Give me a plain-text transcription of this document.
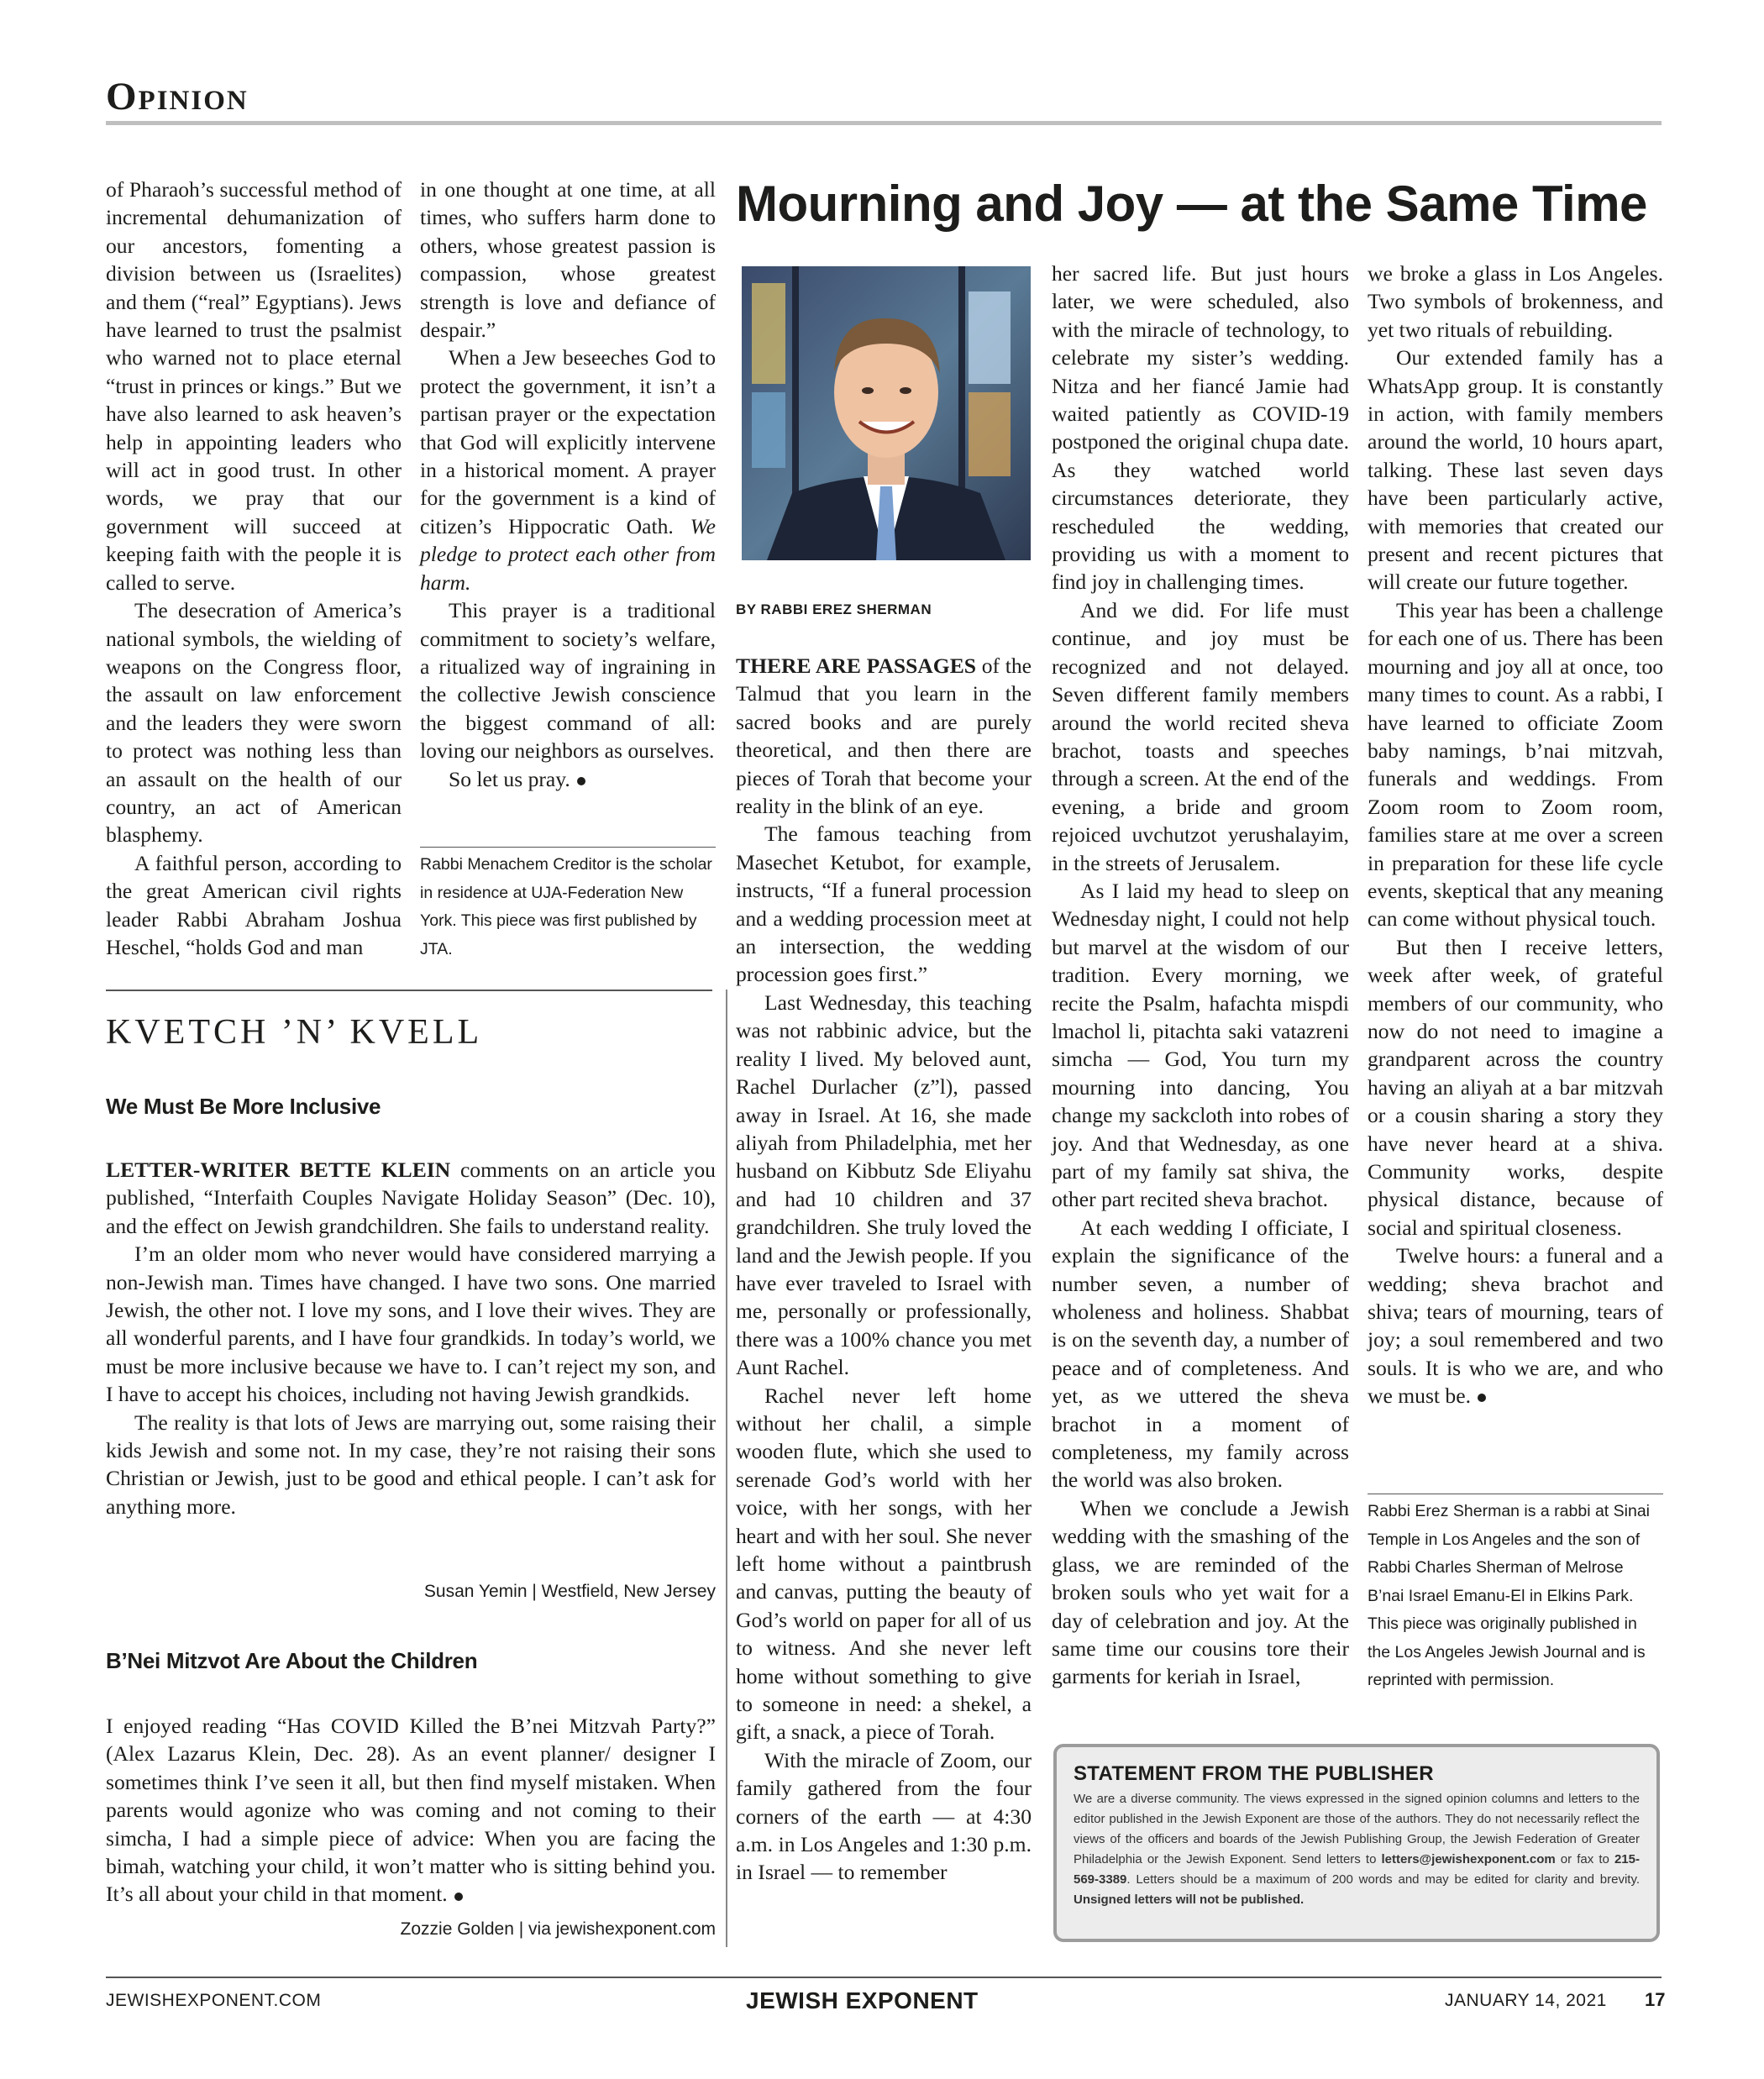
Opinion

of Pharaoh’s successful method of incremental dehumanization of our ancestors, fomenting a division between us (Israelites) and them (“real” Egyptians). Jews have learned to trust the psalmist who warned not to place eternal “trust in princes or kings.” But we have also learned to ask heaven’s help in appointing leaders who will act in good trust. In other words, we pray that our government will succeed at keeping faith with the people it is called to serve.

The desecration of America’s national symbols, the wielding of weapons on the Congress floor, the assault on law enforcement and the leaders they were sworn to protect was nothing less than an assault on the health of our country, an act of American blasphemy.

A faithful person, according to the great American civil rights leader Rabbi Abraham Joshua Heschel, “holds God and man

in one thought at one time, at all times, who suffers harm done to others, whose greatest passion is compassion, whose greatest strength is love and defiance of despair.”

When a Jew beseeches God to protect the government, it isn’t a partisan prayer or the expectation that God will explicitly intervene in a historical moment. A prayer for the government is a kind of citizen’s Hippocratic Oath. We pledge to protect each other from harm.

This prayer is a traditional commitment to society’s welfare, a ritualized way of ingraining in the collective Jewish conscience the biggest command of all: loving our neighbors as ourselves.

So let us pray.

Rabbi Menachem Creditor is the scholar in residence at UJA-Federation New York. This piece was first published by JTA.
KVETCH ’N’ KVELL
We Must Be More Inclusive

LETTER-WRITER BETTE KLEIN comments on an article you published, “Interfaith Couples Navigate Holiday Season” (Dec. 10), and the effect on Jewish grandchildren. She fails to understand reality.

I’m an older mom who never would have considered marrying a non-Jewish man. Times have changed. I have two sons. One married Jewish, the other not. I love my sons, and I love their wives. They are all wonderful parents, and I have four grandkids. In today’s world, we must be more inclusive because we have to. I can’t reject my son, and I have to accept his choices, including not having Jewish grandkids.

The reality is that lots of Jews are marrying out, some raising their kids Jewish and some not. In my case, they’re not raising their sons Christian or Jewish, just to be good and ethical people. I can’t ask for anything more.

Susan Yemin | Westfield, New Jersey
B’Nei Mitzvot Are About the Children

I enjoyed reading “Has COVID Killed the B’nei Mitzvah Party?” (Alex Lazarus Klein, Dec. 28). As an event planner/ designer I sometimes think I’ve seen it all, but then find myself mistaken. When parents would agonize who was coming and not coming to their simcha, I had a simple piece of advice: When you are facing the bimah, watching your child, it won’t matter who is sitting behind you. It’s all about your child in that moment.

Zozzie Golden | via jewishexponent.com
Mourning and Joy — at the Same Time
BY RABBI EREZ SHERMAN

THERE ARE PASSAGES of the Talmud that you learn in the sacred books and are purely theoretical, and then there are pieces of Torah that become your reality in the blink of an eye.

The famous teaching from Masechet Ketubot, for example, instructs, “If a funeral procession and a wedding procession meet at an intersection, the wedding procession goes first.”

Last Wednesday, this teaching was not rabbinic advice, but the reality I lived. My beloved aunt, Rachel Durlacher (z”l), passed away in Israel. At 16, she made aliyah from Philadelphia, met her husband on Kibbutz Sde Eliyahu and had 10 children and 37 grandchildren. She truly loved the land and the Jewish people. If you have ever traveled to Israel with me, personally or professionally, there was a 100% chance you met Aunt Rachel.

Rachel never left home without her chalil, a simple wooden flute, which she used to serenade God’s world with her voice, with her songs, with her heart and with her soul. She never left home without a paintbrush and canvas, putting the beauty of God’s world on paper for all of us to witness. And she never left home without something to give to someone in need: a shekel, a gift, a snack, a piece of Torah.

With the miracle of Zoom, our family gathered from the four corners of the earth — at 4:30 a.m. in Los Angeles and 1:30 p.m. in Israel — to remember

her sacred life. But just hours later, we were scheduled, also with the miracle of technology, to celebrate my sister’s wedding. Nitza and her fiancé Jamie had waited patiently as COVID-19 postponed the original chupa date. As they watched world circumstances deteriorate, they rescheduled the wedding, providing us with a moment to find joy in challenging times.

And we did. For life must continue, and joy must be recognized and not delayed. Seven different family members around the world recited sheva brachot, toasts and speeches through a screen. At the end of the evening, a bride and groom rejoiced uvchutzot yerushalayim, in the streets of Jerusalem.

As I laid my head to sleep on Wednesday night, I could not help but marvel at the wisdom of our tradition. Every morning, we recite the Psalm, hafachta mispdi lmachol li, pitachta saki vatazreni simcha — God, You turn my mourning into dancing, You change my sackcloth into robes of joy. And that Wednesday, as one part of my family sat shiva, the other part recited sheva brachot.

At each wedding I officiate, I explain the significance of the number seven, a number of wholeness and holiness. Shabbat is on the seventh day, a number of peace and of completeness. And yet, as we uttered the sheva brachot in a moment of completeness, my family across the world was also broken.

When we conclude a Jewish wedding with the smashing of the glass, we are reminded of the broken souls who yet wait for a day of celebration and joy. At the same time our cousins tore their garments for keriah in Israel,

we broke a glass in Los Angeles. Two symbols of brokenness, and yet two rituals of rebuilding.

Our extended family has a WhatsApp group. It is constantly in action, with family members around the world, 10 hours apart, talking. These last seven days have been particularly active, with memories that created our present and recent pictures that will create our future together.

This year has been a challenge for each one of us. There has been mourning and joy all at once, too many times to count. As a rabbi, I have learned to officiate Zoom baby namings, b’nai mitzvah, funerals and weddings. From Zoom room to Zoom room, families stare at me over a screen in preparation for these life cycle events, skeptical that any meaning can come without physical touch.

But then I receive letters, week after week, of grateful members of our community, who now do not need to imagine a grandparent across the country having an aliyah at a bar mitzvah or a cousin sharing a story they have never heard at a shiva. Community works, despite physical distance, because of social and spiritual closeness.

Twelve hours: a funeral and a wedding; sheva brachot and shiva; tears of mourning, tears of joy; a soul remembered and two souls. It is who we are, and who we must be.

Rabbi Erez Sherman is a rabbi at Sinai Temple in Los Angeles and the son of Rabbi Charles Sherman of Melrose B’nai Israel Emanu-El in Elkins Park. This piece was originally published in the Los Angeles Jewish Journal and is reprinted with permission.
STATEMENT FROM THE PUBLISHER
We are a diverse community. The views expressed in the signed opinion columns and letters to the editor published in the Jewish Exponent are those of the authors. They do not necessarily reflect the views of the officers and boards of the Jewish Publishing Group, the Jewish Federation of Greater Philadelphia or the Jewish Exponent. Send letters to letters@jewishexponent.com or fax to 215-569-3389. Letters should be a maximum of 200 words and may be edited for clarity and brevity. Unsigned letters will not be published.
JEWISHEXPONENT.COM	JEWISH EXPONENT	JANUARY 14, 2021 17
